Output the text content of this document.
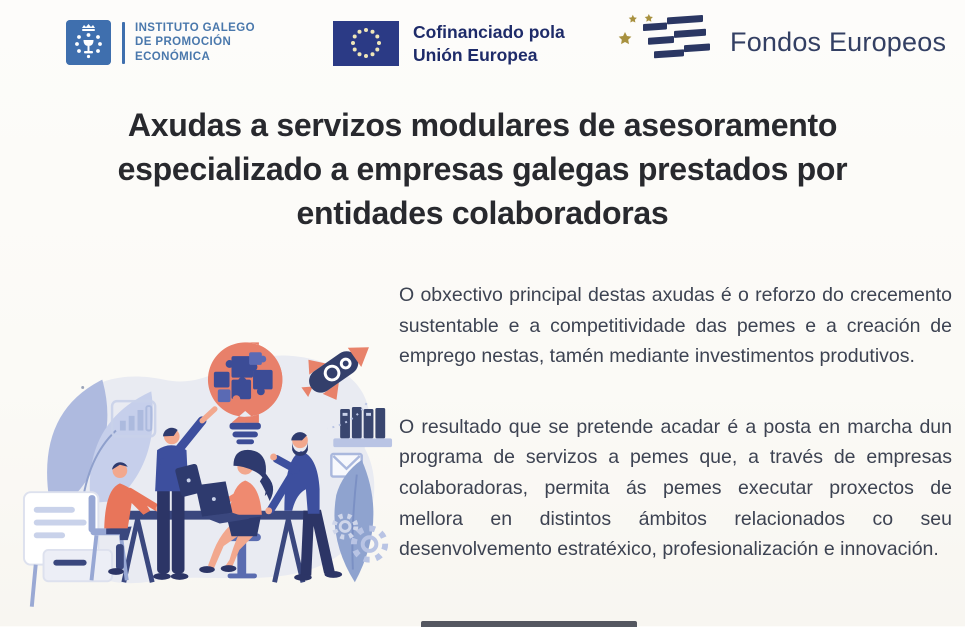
INSTITUTO GALEGO
DE PROMOCIÓN
ECONÓMICA
Cofinanciado pola
Unión Europea	Fondos Europeos
Axudas a servizos modulares de asesoramento
especializado a empresas galegas prestados por
entidades colaboradoras

O obxectivo principal destas axudas é o reforzo do crecemento sustentable e a competitividade das pemes e a creación de emprego nestas, tamén mediante investimentos produtivos.

O resultado que se pretende acadar é a posta en marcha dun programa de servizos a pemes que, a través de empresas colaboradoras, permita ás pemes executar proxectos de mellora en distintos ámbitos relacionados co seu desenvolvemento estratéxico, profesionalización e innovación.
